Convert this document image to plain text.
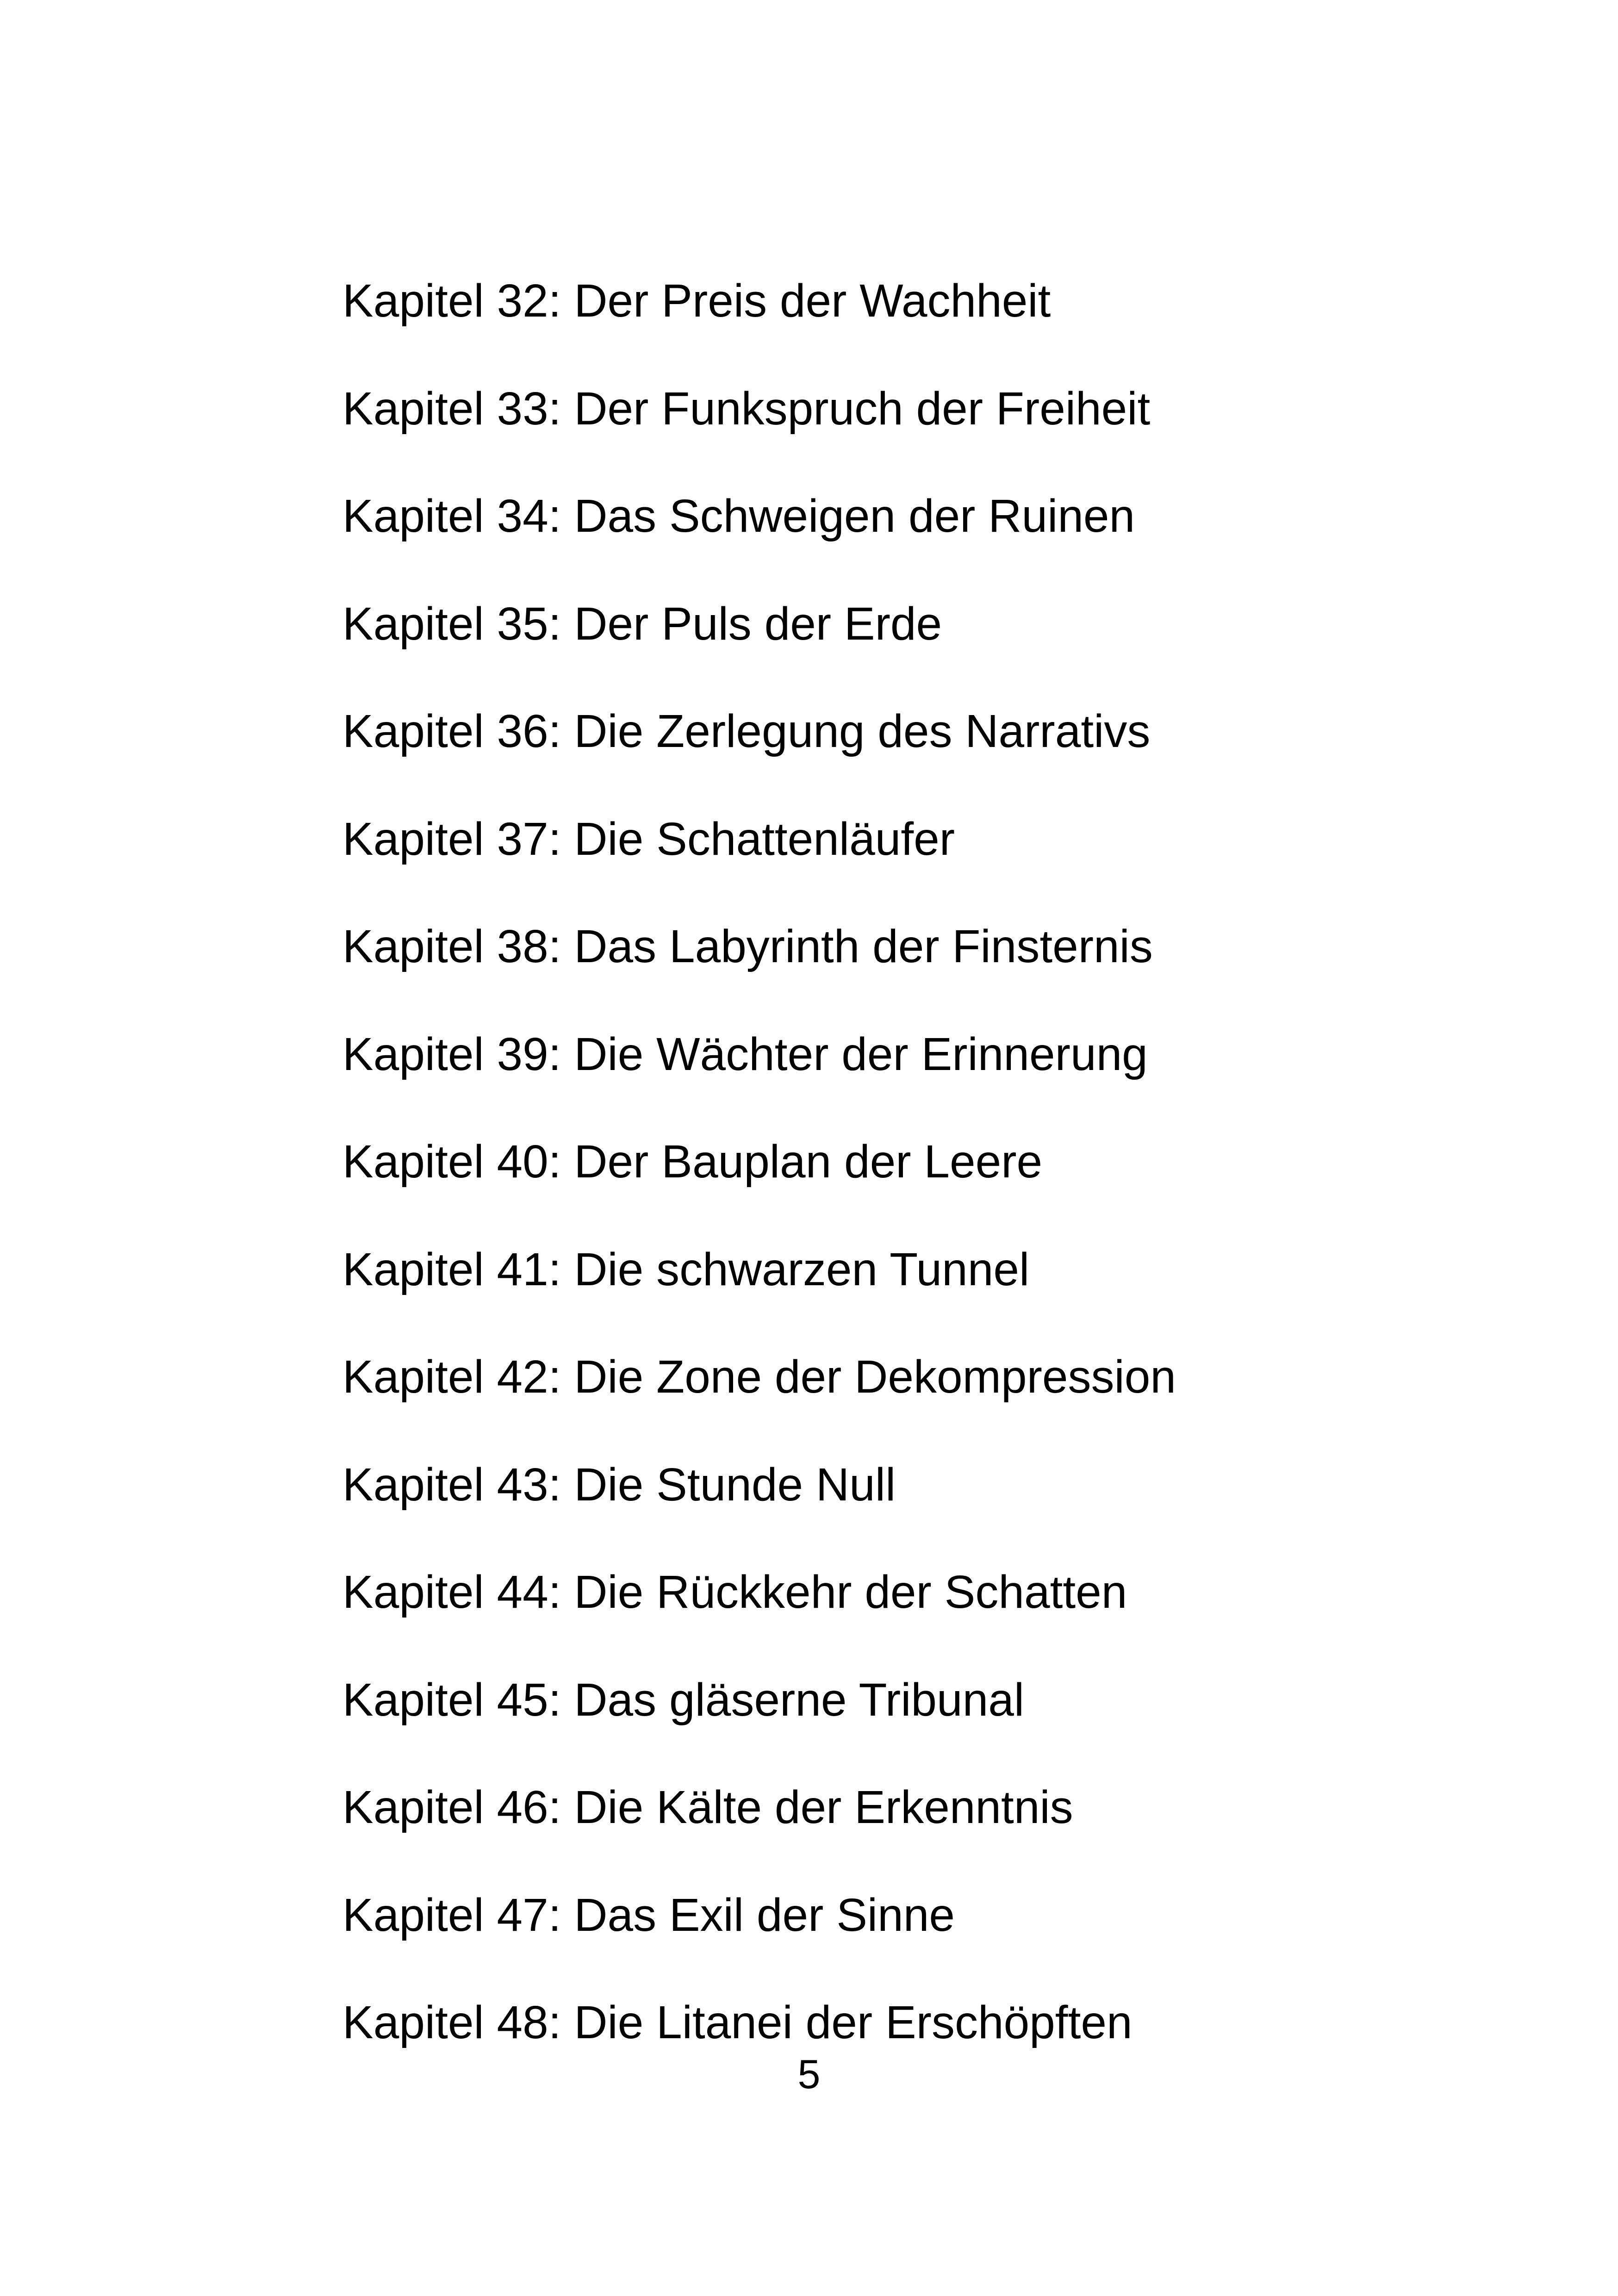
Kapitel 32: Der Preis der Wachheit
Kapitel 33: Der Funkspruch der Freiheit
Kapitel 34: Das Schweigen der Ruinen
Kapitel 35: Der Puls der Erde
Kapitel 36: Die Zerlegung des Narrativs
Kapitel 37: Die Schattenläufer
Kapitel 38: Das Labyrinth der Finsternis
Kapitel 39: Die Wächter der Erinnerung
Kapitel 40: Der Bauplan der Leere
Kapitel 41: Die schwarzen Tunnel
Kapitel 42: Die Zone der Dekompression
Kapitel 43: Die Stunde Null
Kapitel 44: Die Rückkehr der Schatten
Kapitel 45: Das gläserne Tribunal
Kapitel 46: Die Kälte der Erkenntnis
Kapitel 47: Das Exil der Sinne
Kapitel 48: Die Litanei der Erschöpften
5
